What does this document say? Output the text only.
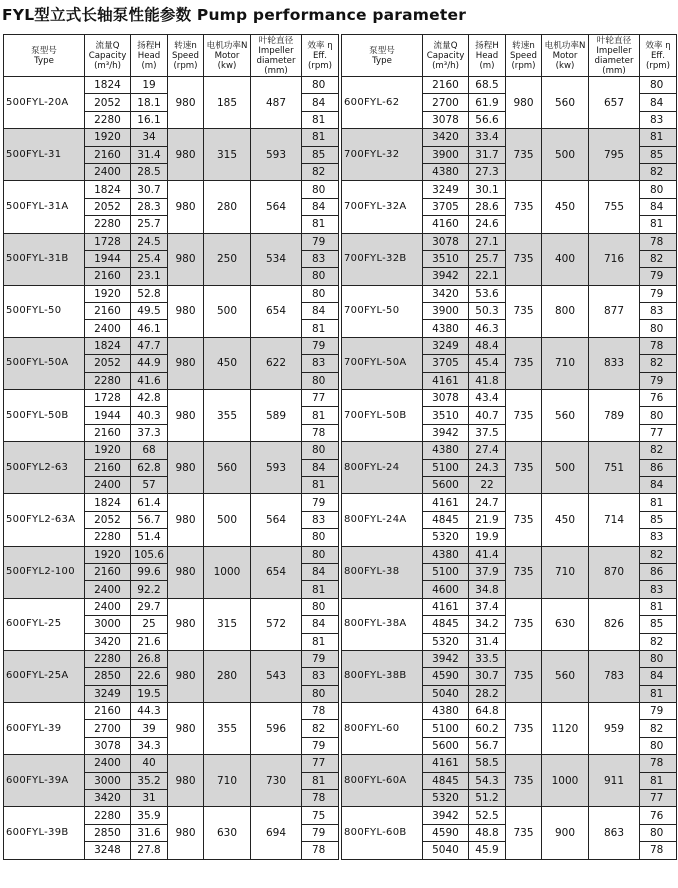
FYL型立式长轴泵性能参数 Pump performance parameter
泵型号
Type	流量Q
Capacity
(m³/h)	扬程H
Head
(m)	转速n
Speed
(rpm)	电机功率N
Motor
(kw)	叶轮直径
Impeller
diameter
(mm)	效率 η
Eff.
(rpm)

500FYL-20A	1824	19	980	185	487	80
	2052	18.1				84
	2280	16.1				81
500FYL-31	1920	34	980	315	593	81
	2160	31.4				85
	2400	28.5				82
500FYL-31A	1824	30.7	980	280	564	80
	2052	28.3				84
	2280	25.7				81
500FYL-31B	1728	24.5	980	250	534	79
	1944	25.4				83
	2160	23.1				80
500FYL-50	1920	52.8	980	500	654	80
	2160	49.5				84
	2400	46.1				81
500FYL-50A	1824	47.7	980	450	622	79
	2052	44.9				83
	2280	41.6				80
500FYL-50B	1728	42.8	980	355	589	77
	1944	40.3				81
	2160	37.3				78
500FYL2-63	1920	68	980	560	593	80
	2160	62.8				84
	2400	57				81
500FYL2-63A	1824	61.4	980	500	564	79
	2052	56.7				83
	2280	51.4				80
500FYL2-100	1920	105.6	980	1000	654	80
	2160	99.6				84
	2400	92.2				81
600FYL-25	2400	29.7	980	315	572	80
	3000	25				84
	3420	21.6				81
600FYL-25A	2280	26.8	980	280	543	79
	2850	22.6				83
	3249	19.5				80
600FYL-39	2160	44.3	980	355	596	78
	2700	39				82
	3078	34.3				79
600FYL-39A	2400	40	980	710	730	77
	3000	35.2				81
	3420	31				78
600FYL-39B	2280	35.9	980	630	694	75
	2850	31.6				79
	3248	27.8				78
泵型号
Type	流量Q
Capacity
(m³/h)	扬程H
Head
(m)	转速n
Speed
(rpm)	电机功率N
Motor
(kw)	叶轮直径
Impeller
diameter
(mm)	效率 η
Eff.
(rpm)

600FYL-62	2160	68.5	980	560	657	80
	2700	61.9				84
	3078	56.6				83
700FYL-32	3420	33.4	735	500	795	81
	3900	31.7				85
	4380	27.3				82
700FYL-32A	3249	30.1	735	450	755	80
	3705	28.6				84
	4160	24.6				81
700FYL-32B	3078	27.1	735	400	716	78
	3510	25.7				82
	3942	22.1				79
700FYL-50	3420	53.6	735	800	877	79
	3900	50.3				83
	4380	46.3				80
700FYL-50A	3249	48.4	735	710	833	78
	3705	45.4				82
	4161	41.8				79
700FYL-50B	3078	43.4	735	560	789	76
	3510	40.7				80
	3942	37.5				77
800FYL-24	4380	27.4	735	500	751	82
	5100	24.3				86
	5600	22				84
800FYL-24A	4161	24.7	735	450	714	81
	4845	21.9				85
	5320	19.9				83
800FYL-38	4380	41.4	735	710	870	82
	5100	37.9				86
	4600	34.8				83
800FYL-38A	4161	37.4	735	630	826	81
	4845	34.2				85
	5320	31.4				82
800FYL-38B	3942	33.5	735	560	783	80
	4590	30.7				84
	5040	28.2				81
800FYL-60	4380	64.8	735	1120	959	79
	5100	60.2				82
	5600	56.7				80
800FYL-60A	4161	58.5	735	1000	911	78
	4845	54.3				81
	5320	51.2				77
800FYL-60B	3942	52.5	735	900	863	76
	4590	48.8				80
	5040	45.9				78
